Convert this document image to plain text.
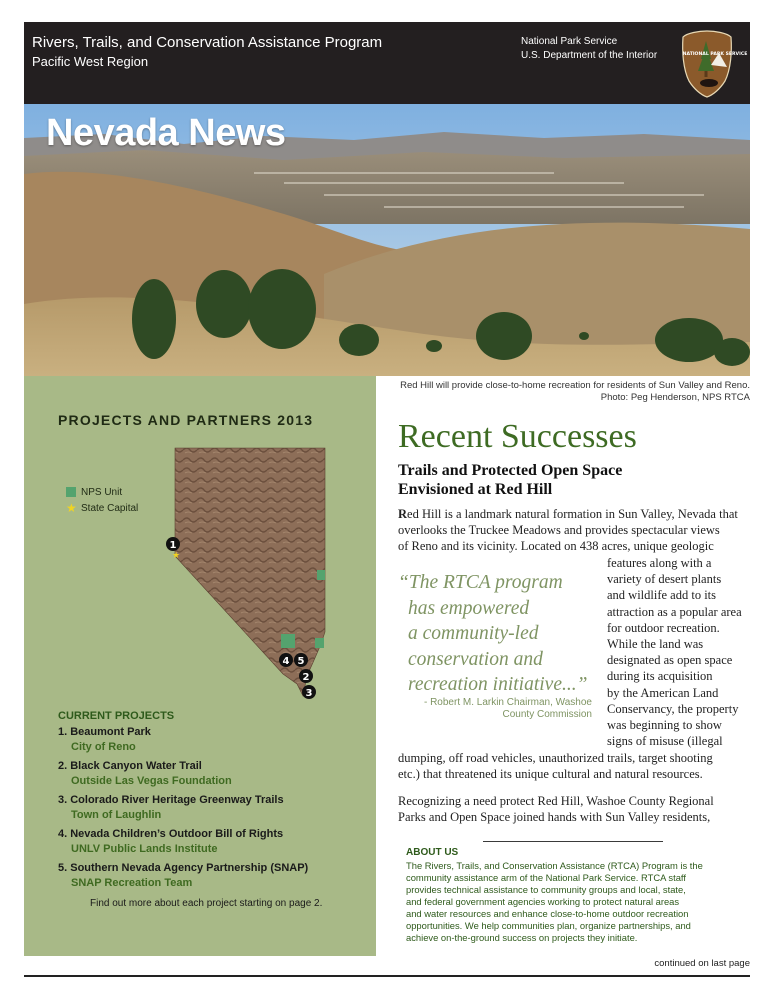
Rivers, Trails, and Conservation Assistance Program
Pacific West Region
National Park Service
U.S. Department of the Interior	NATIONAL PARK SERVICE
Nevada News
Red Hill will provide close-to-home recreation for residents of Sun Valley and Reno.
Photo: Peg Henderson, NPS RTCA
PROJECTS AND PARTNERS 2013
NPS Unit
★ State Capital
1
★
4 5
2
3
CURRENT PROJECTS
1. Beaumont Park
City of Reno
2. Black Canyon Water Trail
Outside Las Vegas Foundation
3. Colorado River Heritage Greenway Trails
Town of Laughlin
4. Nevada Children’s Outdoor Bill of Rights
UNLV Public Lands Institute
5. Southern Nevada Agency Partnership (SNAP)
SNAP Recreation Team
Find out more about each project starting on page 2.
Recent Successes
Trails and Protected Open Space
Envisioned at Red Hill
Red Hill is a landmark natural formation in Sun Valley, Nevada that
overlooks the Truckee Meadows and provides spectacular views
of Reno and its vicinity. Located on 438 acres, unique geologic
features along with a
variety of desert plants
and wildlife add to its
attraction as a popular area
for outdoor recreation.
While the land was
designated as open space
during its acquisition
by the American Land
Conservancy, the property
was beginning to show
signs of misuse (illegal
“The RTCA program
has empowered
a community-led
conservation and
recreation initiative...”
- Robert M. Larkin Chairman, Washoe
County Commission
dumping, off road vehicles, unauthorized trails, target shooting
etc.) that threatened its unique cultural and natural resources.
Recognizing a need protect Red Hill, Washoe County Regional
Parks and Open Space joined hands with Sun Valley residents,
ABOUT US
The Rivers, Trails, and Conservation Assistance (RTCA) Program is the
community assistance arm of the National Park Service. RTCA staff
provides technical assistance to community groups and local, state,
and federal government agencies working to protect natural areas
and water resources and enhance close-to-home outdoor recreation
opportunities. We help communities plan, organize partnerships, and
achieve on-the-ground success on projects they initiate.
continued on last page
